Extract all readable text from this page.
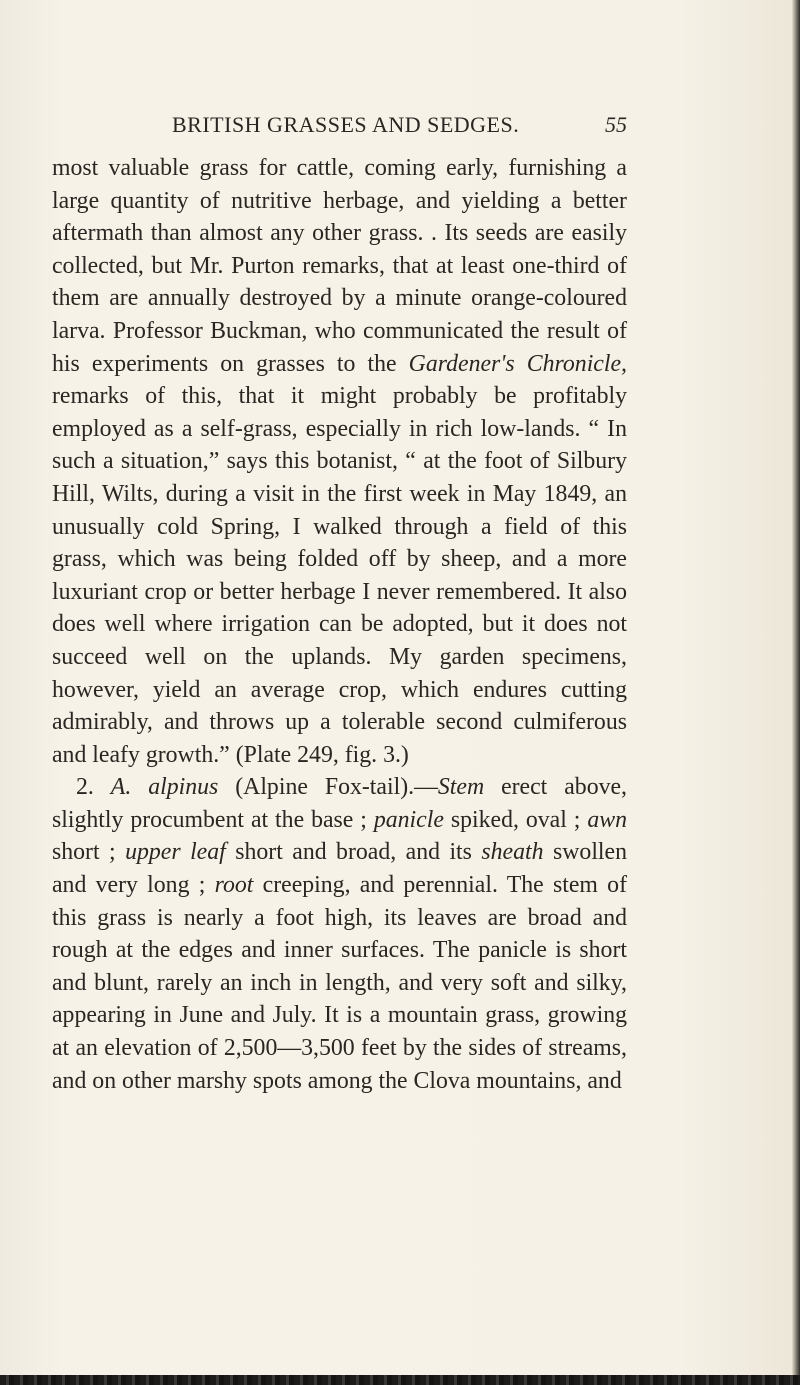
BRITISH GRASSES AND SEDGES.	55

most valuable grass for cattle, coming early, furnishing a large quantity of nutritive herbage, and yielding a better aftermath than almost any other grass. . Its seeds are easily collected, but Mr. Purton remarks, that at least one-third of them are annually destroyed by a minute orange-coloured larva. Professor Buckman, who communicated the result of his experiments on grasses to the Gardener's Chronicle, remarks of this, that it might probably be profitably employed as a self-grass, especially in rich low-lands. “ In such a situation,” says this botanist, “ at the foot of Silbury Hill, Wilts, during a visit in the first week in May 1849, an unusually cold Spring, I walked through a field of this grass, which was being folded off by sheep, and a more luxuriant crop or better herbage I never remembered. It also does well where irrigation can be adopted, but it does not succeed well on the uplands. My garden specimens, however, yield an average crop, which endures cutting admirably, and throws up a tolerable second culmiferous and leafy growth.” (Plate 249, fig. 3.)

2. A. alpinus (Alpine Fox-tail).—Stem erect above, slightly procumbent at the base ; panicle spiked, oval ; awn short ; upper leaf short and broad, and its sheath swollen and very long ; root creeping, and perennial. The stem of this grass is nearly a foot high, its leaves are broad and rough at the edges and inner surfaces. The panicle is short and blunt, rarely an inch in length, and very soft and silky, appearing in June and July. It is a mountain grass, growing at an elevation of 2,500—3,500 feet by the sides of streams, and on other marshy spots among the Clova mountains, and
